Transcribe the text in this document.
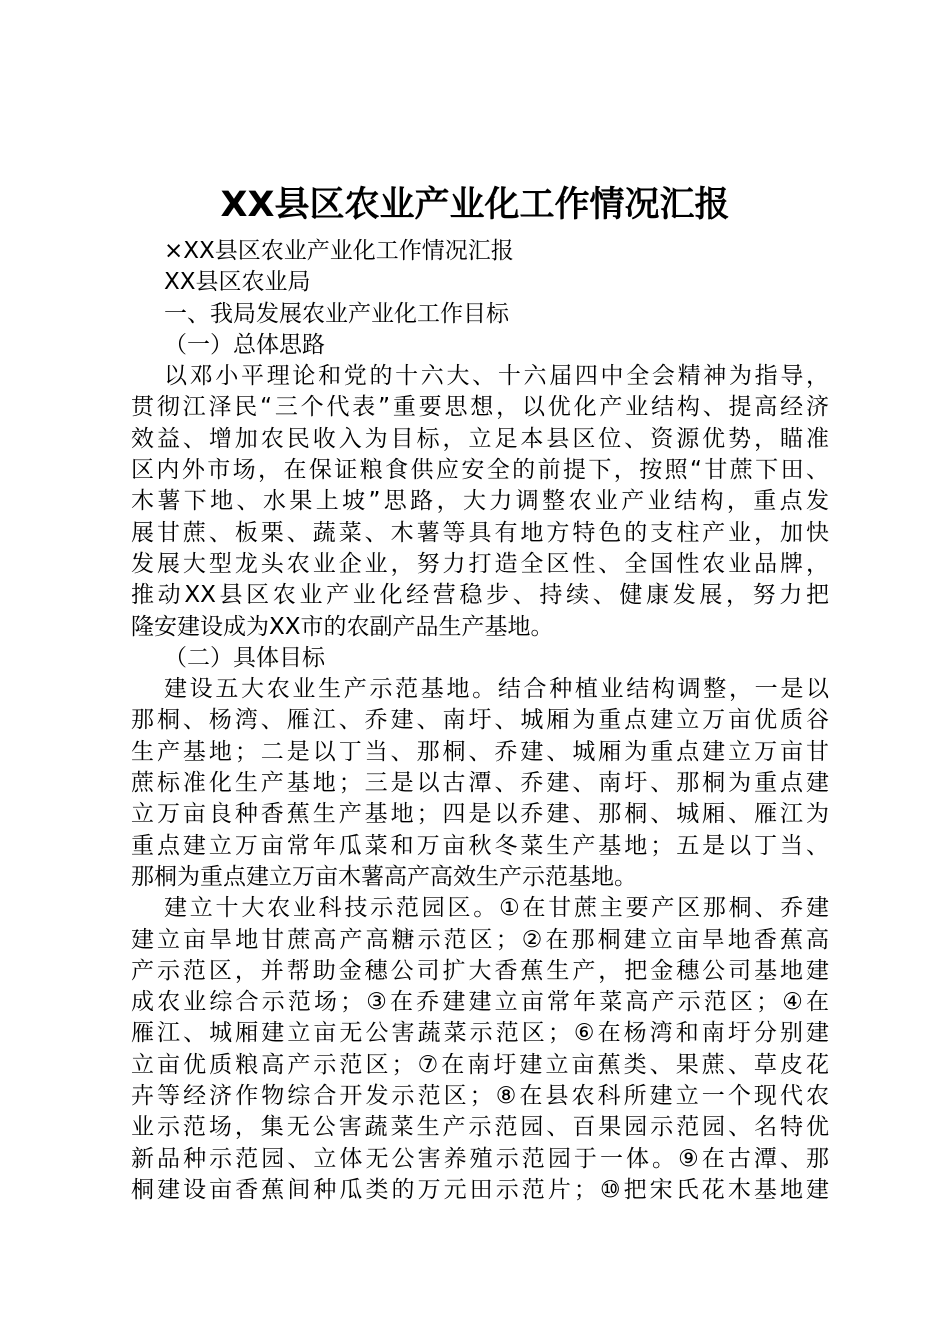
XX县区农业产业化工作情况汇报
×XX县区农业产业化工作情况汇报
XX县区农业局
一、我局发展农业产业化工作目标
（一）总体思路
以邓小平理论和党的十六大、十六届四中全会精神为指导，
贯彻江泽民“三个代表”重要思想，以优化产业结构、提高经济
效益、增加农民收入为目标，立足本县区位、资源优势，瞄准
区内外市场，在保证粮食供应安全的前提下，按照“甘蔗下田、
木薯下地、水果上坡”思路，大力调整农业产业结构，重点发
展甘蔗、板栗、蔬菜、木薯等具有地方特色的支柱产业，加快
发展大型龙头农业企业，努力打造全区性、全国性农业品牌，
推动XX县区农业产业化经营稳步、持续、健康发展，努力把
隆安建设成为XX市的农副产品生产基地。
（二）具体目标
建设五大农业生产示范基地。结合种植业结构调整，一是以
那桐、杨湾、雁江、乔建、南圩、城厢为重点建立万亩优质谷
生产基地；二是以丁当、那桐、乔建、城厢为重点建立万亩甘
蔗标准化生产基地；三是以古潭、乔建、南圩、那桐为重点建
立万亩良种香蕉生产基地；四是以乔建、那桐、城厢、雁江为
重点建立万亩常年瓜菜和万亩秋冬菜生产基地；五是以丁当、
那桐为重点建立万亩木薯高产高效生产示范基地。
建立十大农业科技示范园区。①在甘蔗主要产区那桐、乔建
建立亩旱地甘蔗高产高糖示范区；②在那桐建立亩旱地香蕉高
产示范区，并帮助金穗公司扩大香蕉生产，把金穗公司基地建
成农业综合示范场；③在乔建建立亩常年菜高产示范区；④在
雁江、城厢建立亩无公害蔬菜示范区；⑥在杨湾和南圩分别建
立亩优质粮高产示范区；⑦在南圩建立亩蕉类、果蔗、草皮花
卉等经济作物综合开发示范区；⑧在县农科所建立一个现代农
业示范场，集无公害蔬菜生产示范园、百果园示范园、名特优
新品种示范园、立体无公害养殖示范园于一体。⑨在古潭、那
桐建设亩香蕉间种瓜类的万元田示范片；⑩把宋氏花木基地建
